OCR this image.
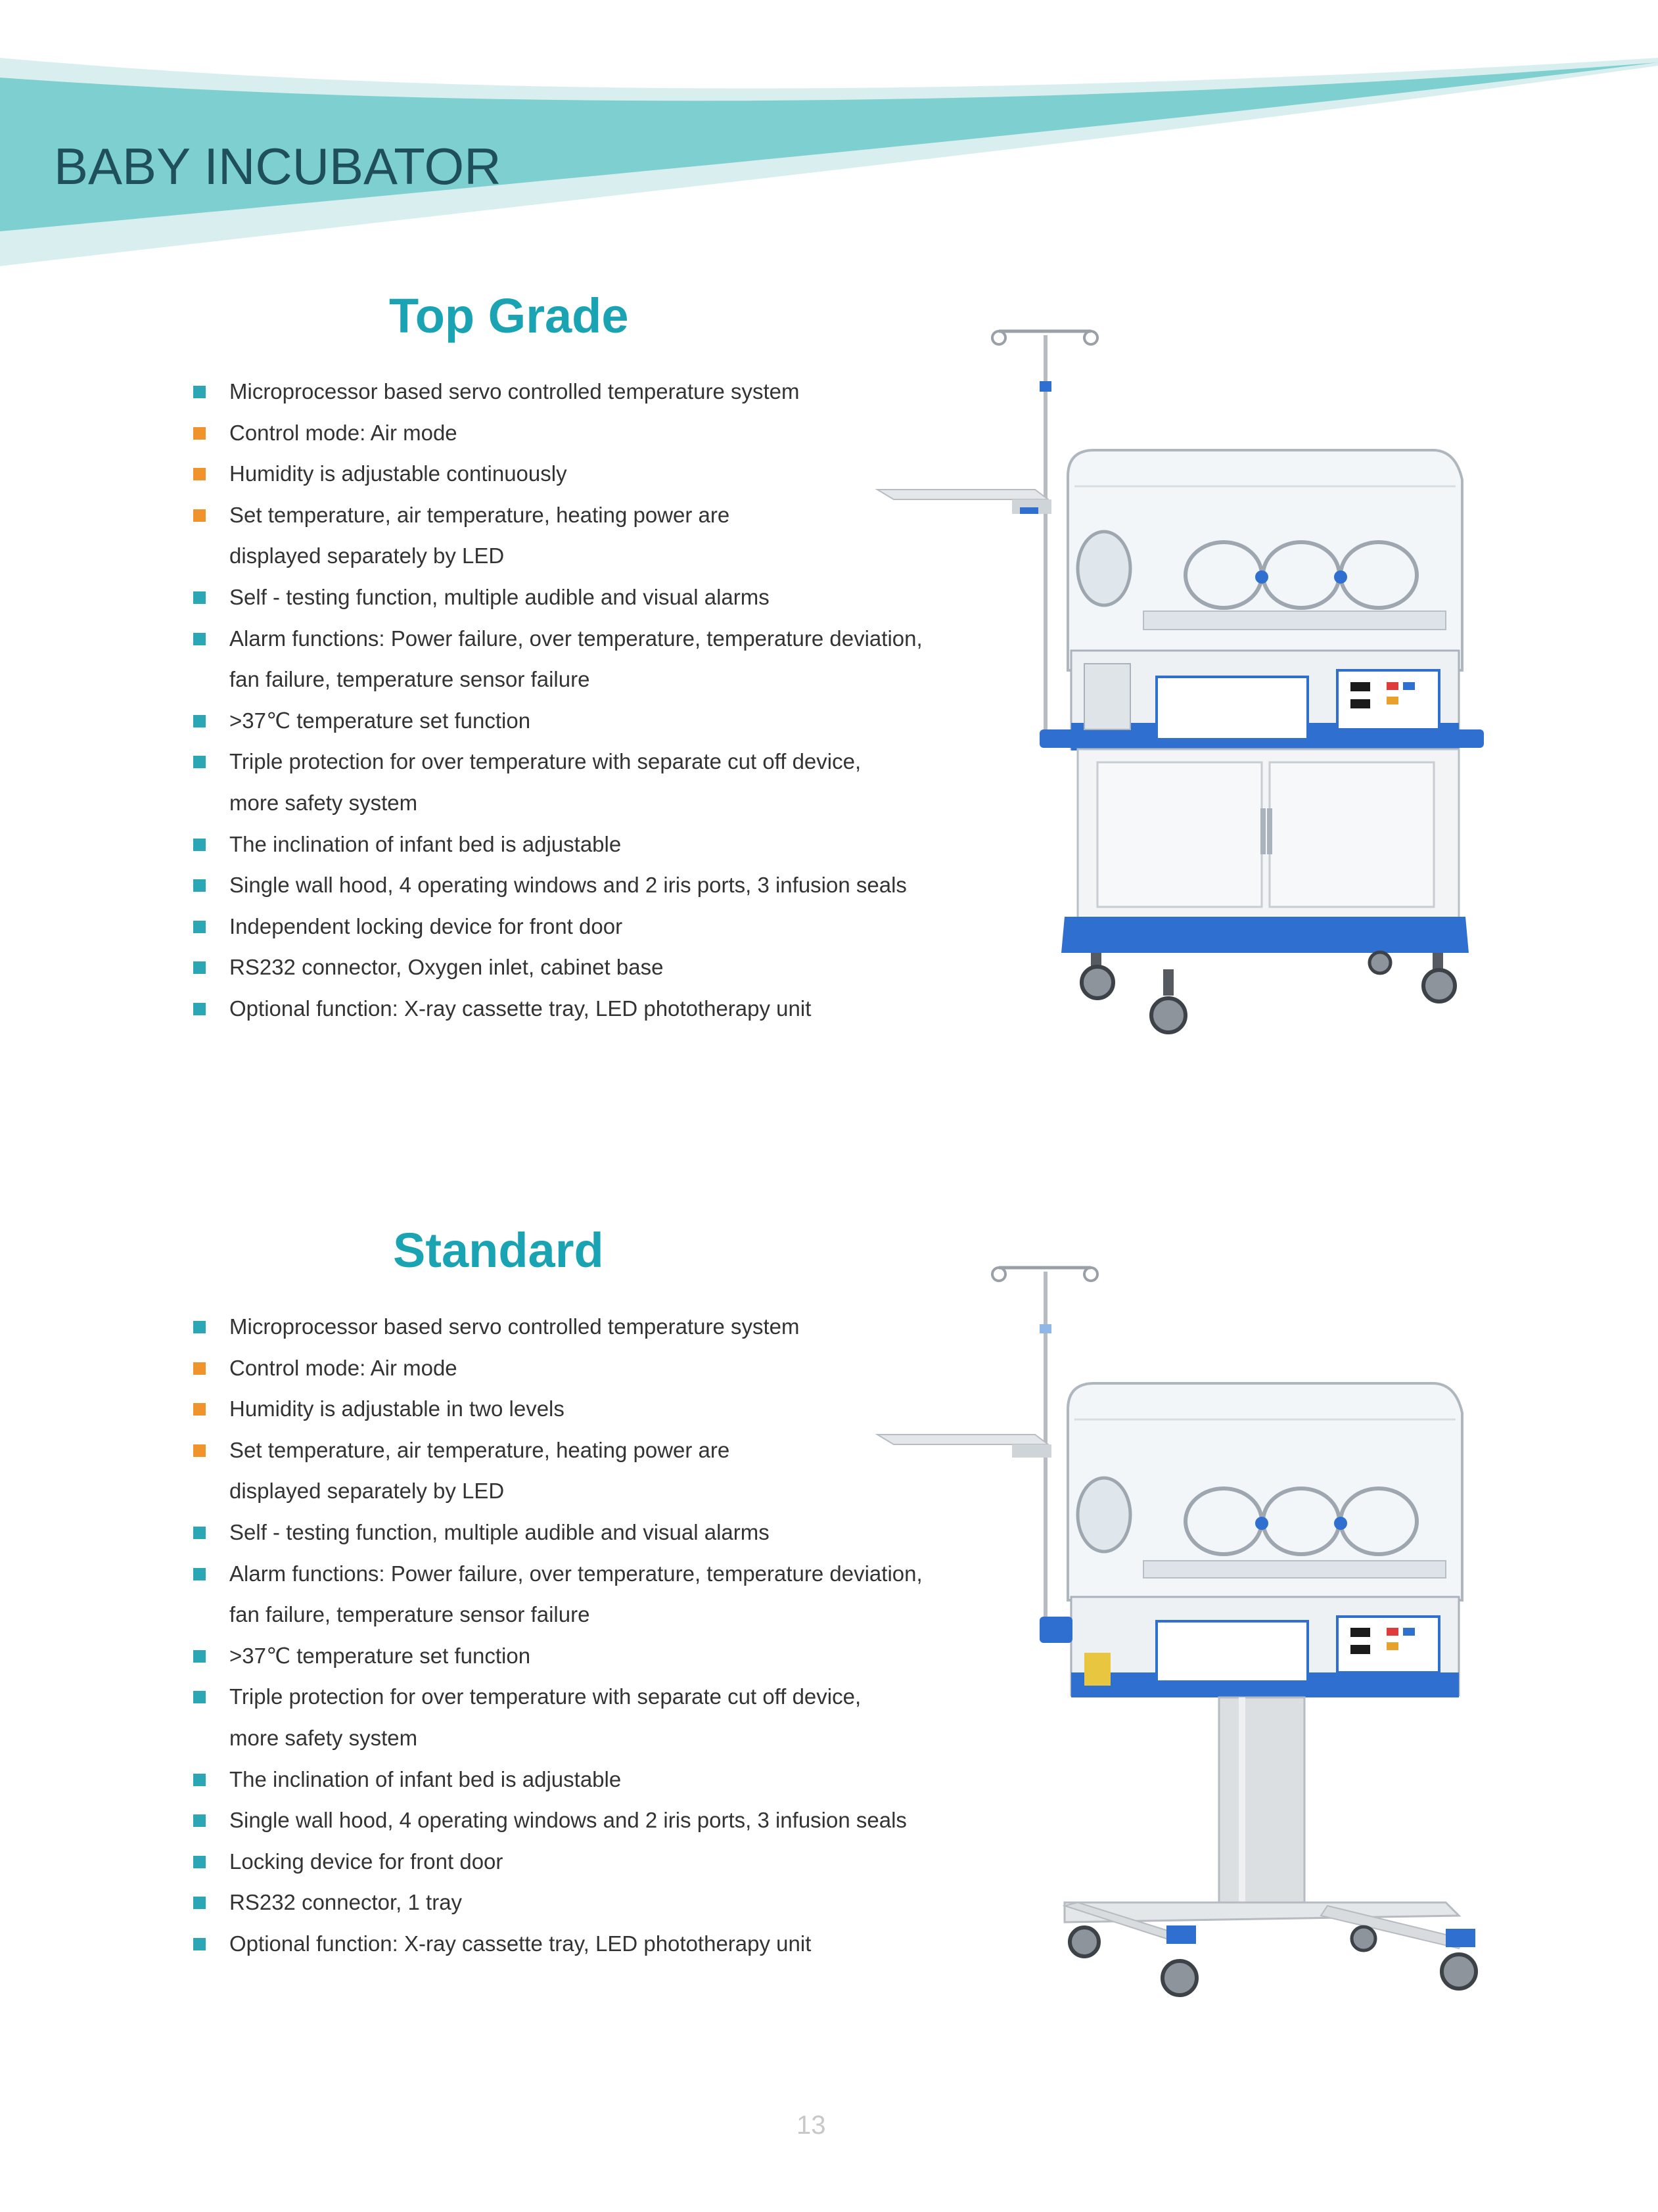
BABY INCUBATOR
Top Grade
Microprocessor based servo controlled temperature system
Control mode: Air mode
Humidity is adjustable continuously
Set temperature, air temperature, heating power are
displayed separately by LED
Self - testing function, multiple audible and visual alarms
Alarm functions: Power failure, over temperature, temperature deviation,
fan failure, temperature sensor failure
>37℃ temperature set function
Triple protection for over temperature with separate cut off device,
more safety system
The inclination of infant bed is adjustable
Single wall hood, 4 operating windows and 2 iris ports, 3 infusion seals
Independent locking device for front door
RS232 connector, Oxygen inlet, cabinet base
Optional function: X-ray cassette tray, LED phototherapy unit
Standard
Microprocessor based servo controlled temperature system
Control mode: Air mode
Humidity is adjustable in two levels
Set temperature, air temperature, heating power are
displayed separately by LED
Self - testing function, multiple audible and visual alarms
Alarm functions: Power failure, over temperature, temperature deviation,
fan failure, temperature sensor failure
>37℃ temperature set function
Triple protection for over temperature with separate cut off device,
more safety system
The inclination of infant bed is adjustable
Single wall hood, 4 operating windows and 2 iris ports, 3 infusion seals
Locking device for front door
RS232 connector, 1 tray
Optional function: X-ray cassette tray, LED phototherapy unit
13
